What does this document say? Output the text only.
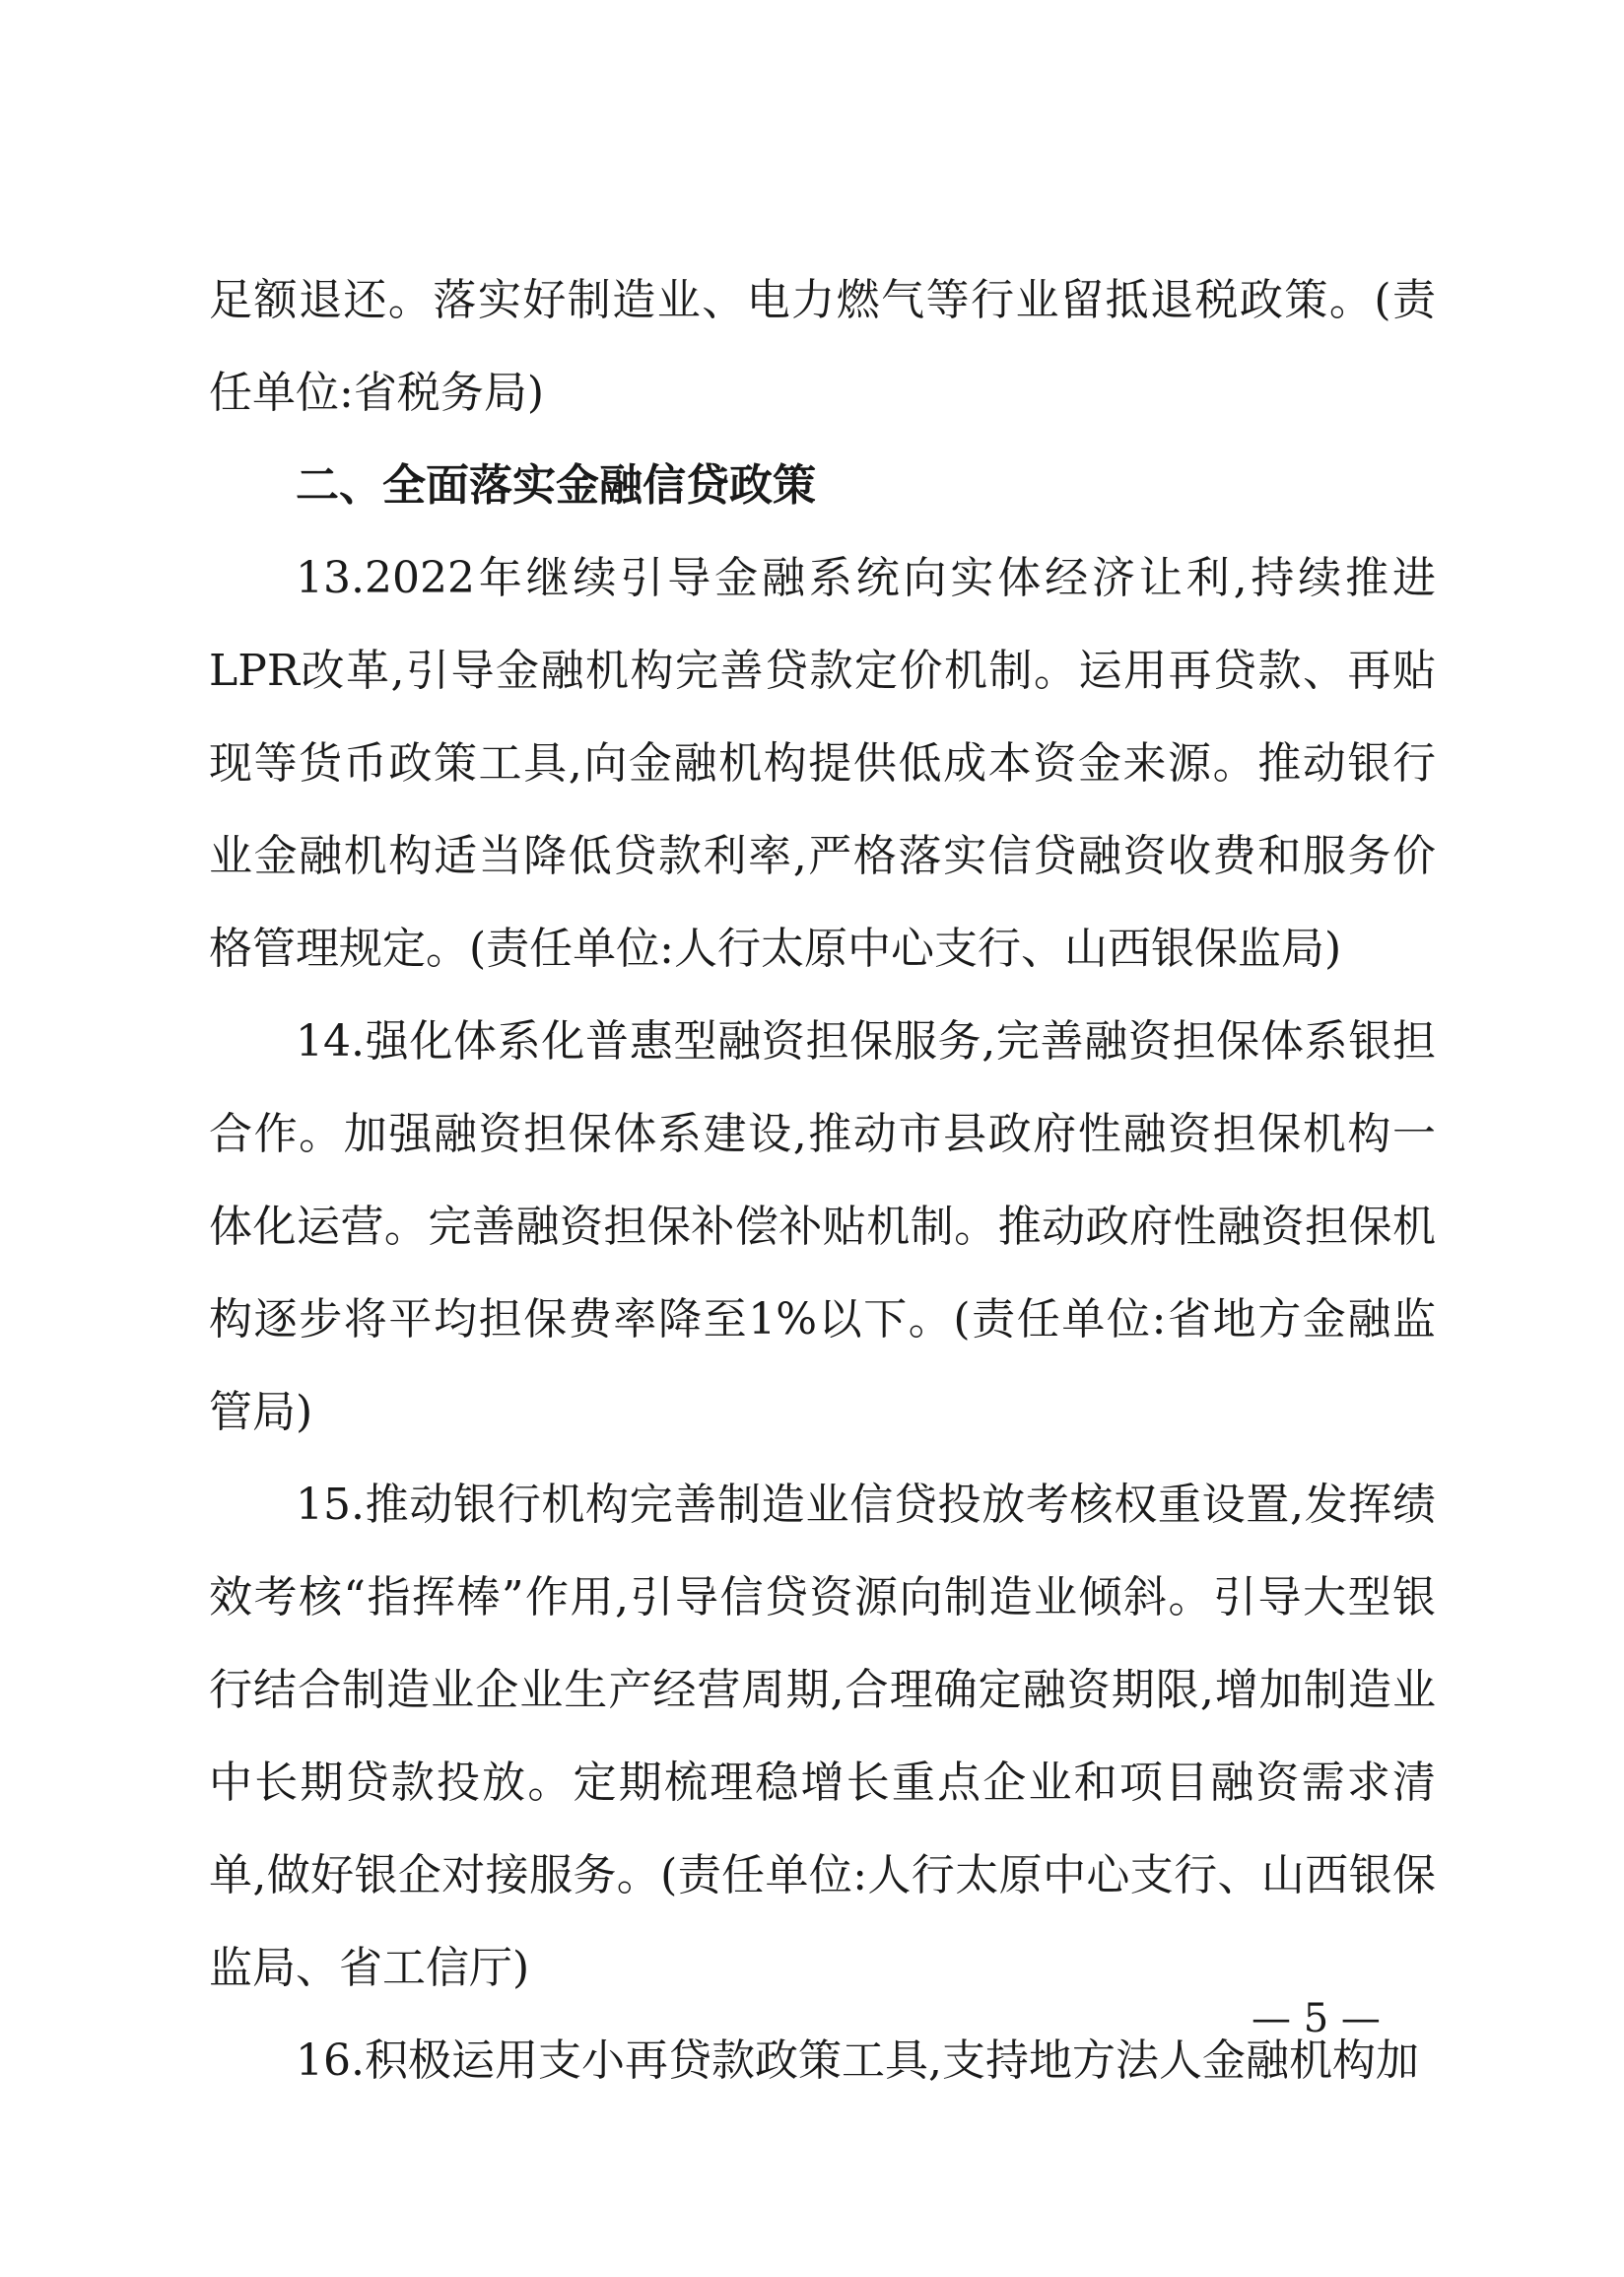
足额退还。落实好制造业、电力燃气等行业留抵退税政策。(责任单位:省税务局)

二、全面落实金融信贷政策

13.2022年继续引导金融系统向实体经济让利,持续推进LPR改革,引导金融机构完善贷款定价机制。运用再贷款、再贴现等货币政策工具,向金融机构提供低成本资金来源。推动银行业金融机构适当降低贷款利率,严格落实信贷融资收费和服务价格管理规定。(责任单位:人行太原中心支行、山西银保监局)

14.强化体系化普惠型融资担保服务,完善融资担保体系银担合作。加强融资担保体系建设,推动市县政府性融资担保机构一体化运营。完善融资担保补偿补贴机制。推动政府性融资担保机构逐步将平均担保费率降至1%以下。(责任单位:省地方金融监管局)

15.推动银行机构完善制造业信贷投放考核权重设置,发挥绩效考核“指挥棒”作用,引导信贷资源向制造业倾斜。引导大型银行结合制造业企业生产经营周期,合理确定融资期限,增加制造业中长期贷款投放。定期梳理稳增长重点企业和项目融资需求清单,做好银企对接服务。(责任单位:人行太原中心支行、山西银保监局、省工信厅)

16.积极运用支小再贷款政策工具,支持地方法人金融机构加

— 5 —
